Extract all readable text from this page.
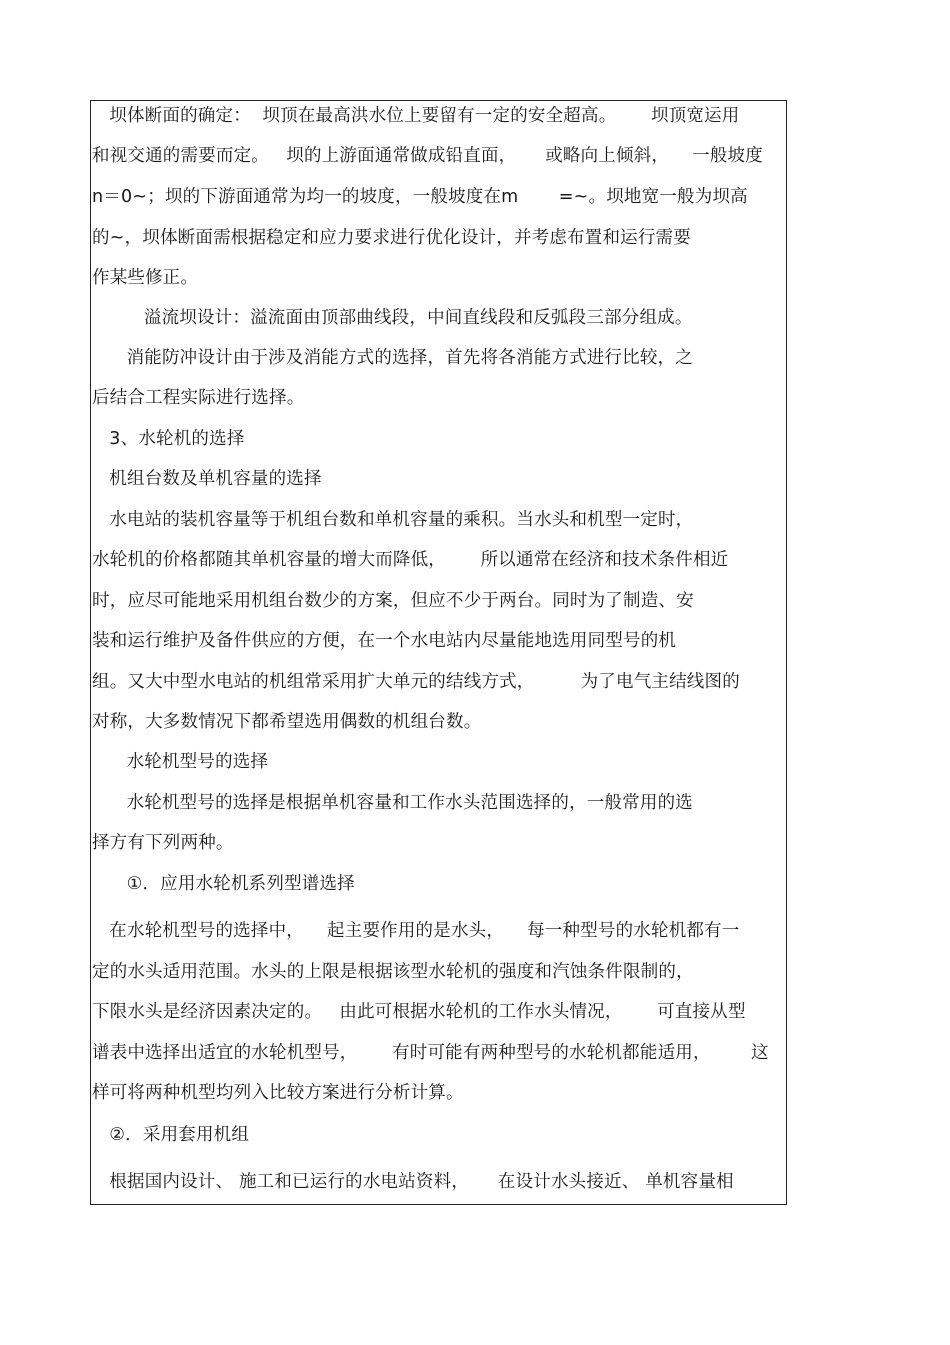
坝体断面的确定：  坝顶在最高洪水位上要留有一定的安全超高。      坝顶宽运用
和视交通的需要而定。   坝的上游面通常做成铅直面，     或略向上倾斜，    一般坡度
n＝0~；坝的下游面通常为均一的坡度，一般坡度在m       =~。坝地宽一般为坝高
的~，坝体断面需根据稳定和应力要求进行优化设计，并考虑布置和运行需要
作某些修正。
溢流坝设计：溢流面由顶部曲线段，中间直线段和反弧段三部分组成。
消能防冲设计由于涉及消能方式的选择，首先将各消能方式进行比较，之
后结合工程实际进行选择。
3、水轮机的选择
机组台数及单机容量的选择
水电站的装机容量等于机组台数和单机容量的乘积。当水头和机型一定时，
水轮机的价格都随其单机容量的增大而降低，      所以通常在经济和技术条件相近
时，应尽可能地采用机组台数少的方案，但应不少于两台。同时为了制造、安
装和运行维护及备件供应的方便，在一个水电站内尽量能地选用同型号的机
组。又大中型水电站的机组常采用扩大单元的结线方式，        为了电气主结线图的
对称，大多数情况下都希望选用偶数的机组台数。
水轮机型号的选择
水轮机型号的选择是根据单机容量和工作水头范围选择的，一般常用的选
择方有下列两种。
①．应用水轮机系列型谱选择
在水轮机型号的选择中，    起主要作用的是水头，    每一种型号的水轮机都有一
定的水头适用范围。水头的上限是根据该型水轮机的强度和汽蚀条件限制的，
下限水头是经济因素决定的。   由此可根据水轮机的工作水头情况，      可直接从型
谱表中选择出适宜的水轮机型号，      有时可能有两种型号的水轮机都能适用，       这
样可将两种机型均列入比较方案进行分析计算。
②．采用套用机组
根据国内设计、 施工和已运行的水电站资料，     在设计水头接近、 单机容量相
